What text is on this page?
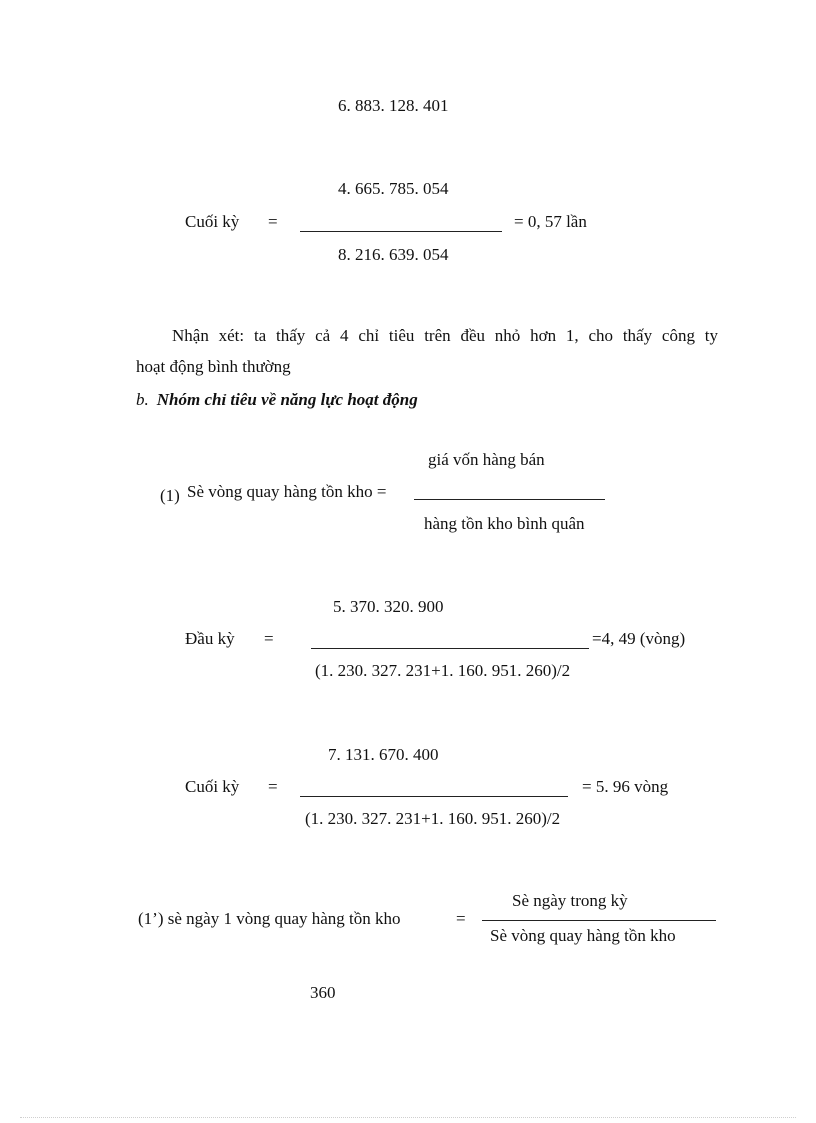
6. 883. 128. 401
4. 665. 785. 054
Cuối kỳ =	= 0, 57 lần
8. 216. 639. 054
Nhận xét: ta thấy cả 4 chỉ tiêu trên đều nhỏ hơn 1, cho thấy công ty
hoạt động bình thường
b. Nhóm chỉ tiêu về năng lực hoạt động
giá vốn hàng bán
(1) Sè vòng quay hàng tồn kho =
hàng tồn kho bình quân
5. 370. 320. 900
Đầu kỳ =	=4, 49 (vòng)
(1. 230. 327. 231+1. 160. 951. 260)/2
7. 131. 670. 400
Cuối kỳ =	= 5. 96 vòng
(1. 230. 327. 231+1. 160. 951. 260)/2
Sè ngày trong kỳ
(1’) sè ngày 1 vòng quay hàng tồn kho	=
Sè vòng quay hàng tồn kho
360
